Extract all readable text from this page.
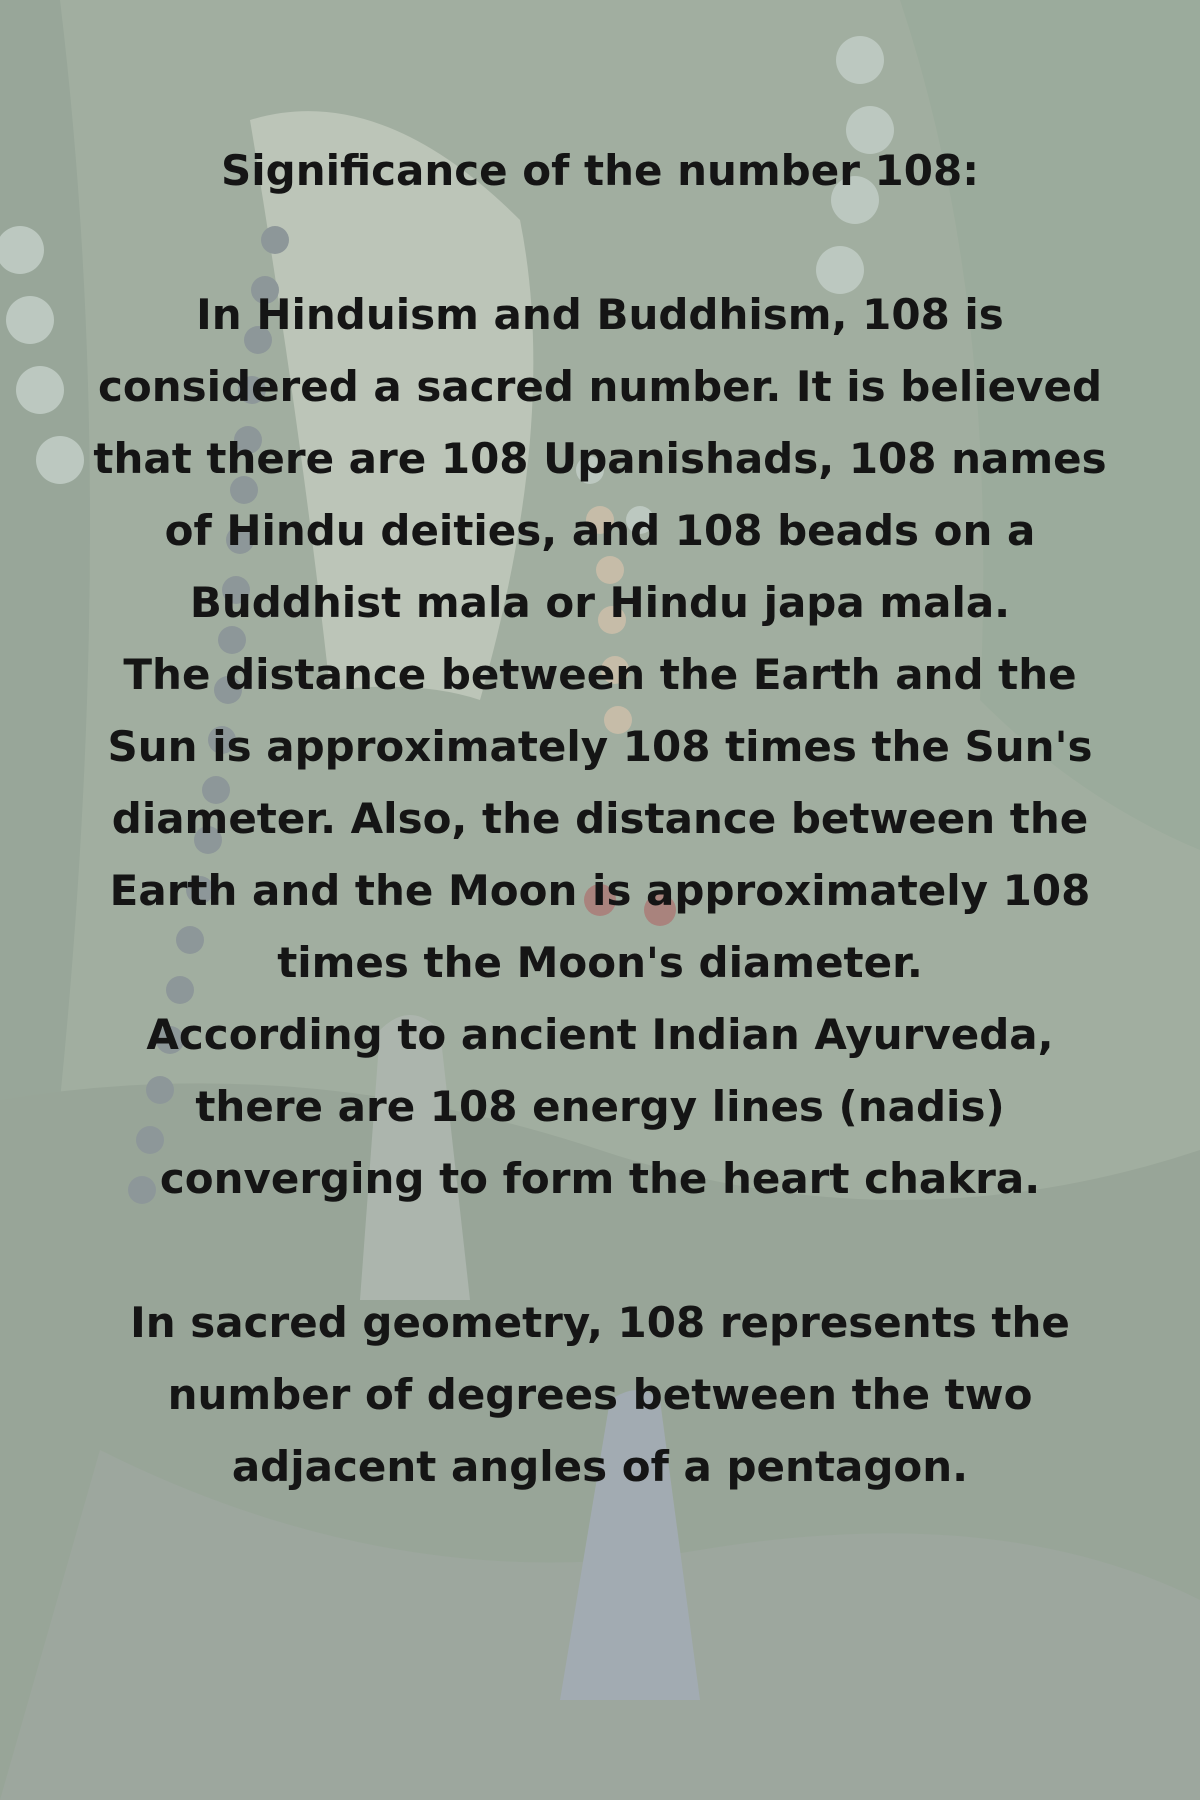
Significance of the number 108:

In Hinduism and Buddhism, 108 is considered a sacred number. It is believed that there are 108 Upanishads, 108 names of Hindu deities, and 108 beads on a Buddhist mala or Hindu japa mala.

The distance between the Earth and the Sun is approximately 108 times the Sun's diameter. Also, the distance between the Earth and the Moon is approximately 108 times the Moon's diameter.

According to ancient Indian Ayurveda, there are 108 energy lines (nadis) converging to form the heart chakra.

In sacred geometry, 108 represents the number of degrees between the two adjacent angles of a pentagon.
